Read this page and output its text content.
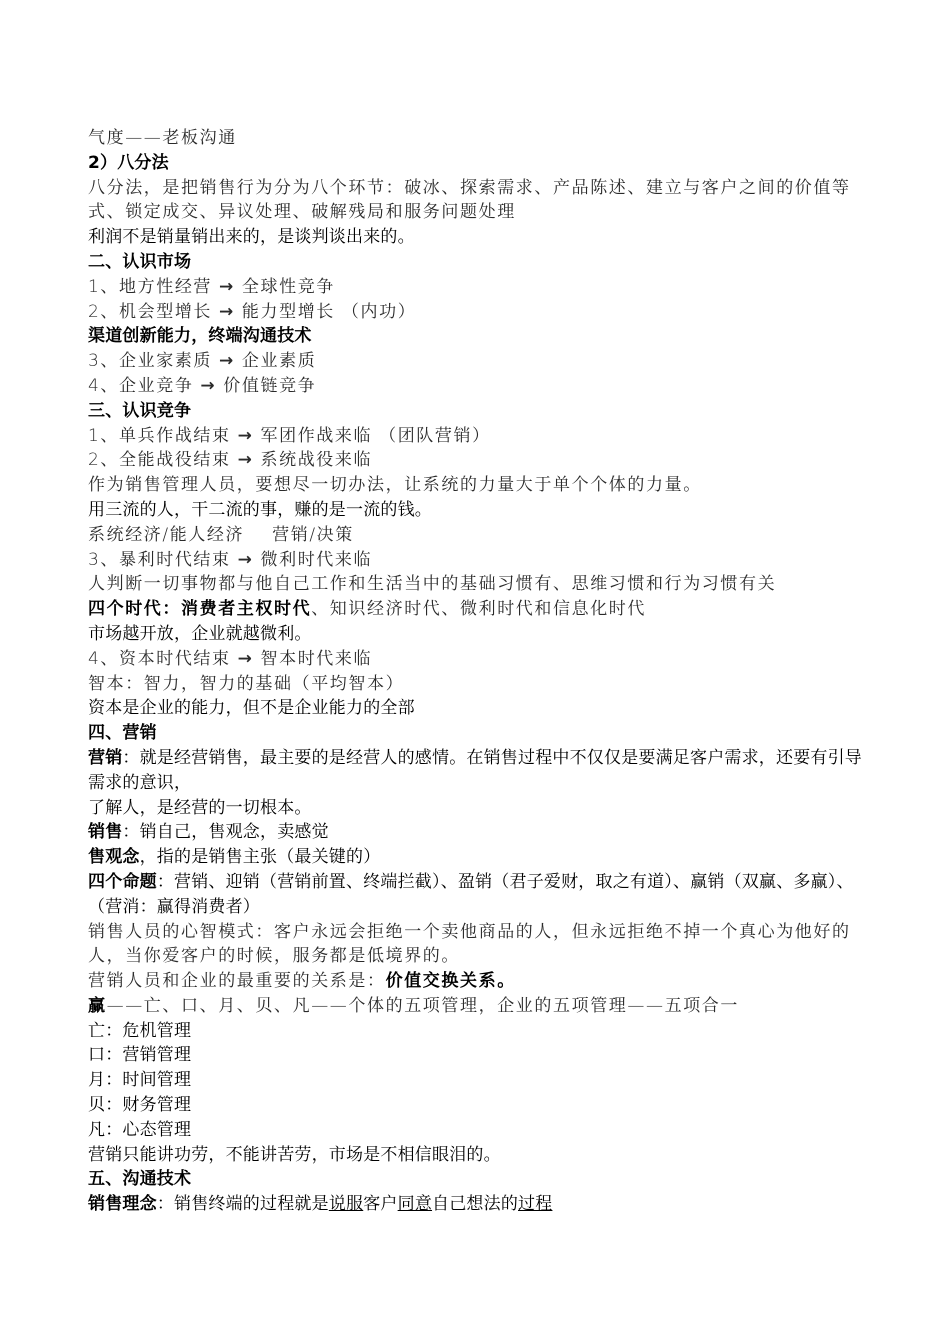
气度——老板沟通
2）八分法
八分法，是把销售行为分为八个环节：破冰、探索需求、产品陈述、建立与客户之间的价值等式、锁定成交、异议处理、破解残局和服务问题处理
利润不是销量销出来的，是谈判谈出来的。
二、认识市场
1、地方性经营 → 全球性竞争
2、机会型增长 → 能力型增长 （内功）
渠道创新能力，终端沟通技术
3、企业家素质 → 企业素质
4、企业竞争 → 价值链竞争
三、认识竞争
1、单兵作战结束 → 军团作战来临 （团队营销）
2、全能战役结束 → 系统战役来临
作为销售管理人员，要想尽一切办法，让系统的力量大于单个个体的力量。
用三流的人，干二流的事，赚的是一流的钱。
系统经济/能人经济    营销/决策
3、暴利时代结束 → 微利时代来临
人判断一切事物都与他自己工作和生活当中的基础习惯有、思维习惯和行为习惯有关
四个时代：消费者主权时代、知识经济时代、微利时代和信息化时代
市场越开放，企业就越微利。
4、资本时代结束 → 智本时代来临
智本：智力，智力的基础（平均智本）
资本是企业的能力，但不是企业能力的全部
四、营销
营销：就是经营销售，最主要的是经营人的感情。在销售过程中不仅仅是要满足客户需求，还要有引导需求的意识，
了解人，是经营的一切根本。
销售：销自己，售观念，卖感觉
售观念，指的是销售主张（最关键的）
四个命题：营销、迎销（营销前置、终端拦截）、盈销（君子爱财，取之有道）、赢销（双赢、多赢）、（营消：赢得消费者）
销售人员的心智模式：客户永远会拒绝一个卖他商品的人，但永远拒绝不掉一个真心为他好的人，当你爱客户的时候，服务都是低境界的。
营销人员和企业的最重要的关系是：价值交换关系。
赢——亡、口、月、贝、凡——个体的五项管理，企业的五项管理——五项合一
亡：危机管理
口：营销管理
月：时间管理
贝：财务管理
凡：心态管理
营销只能讲功劳，不能讲苦劳，市场是不相信眼泪的。
五、沟通技术
销售理念：销售终端的过程就是说服客户同意自己想法的过程
